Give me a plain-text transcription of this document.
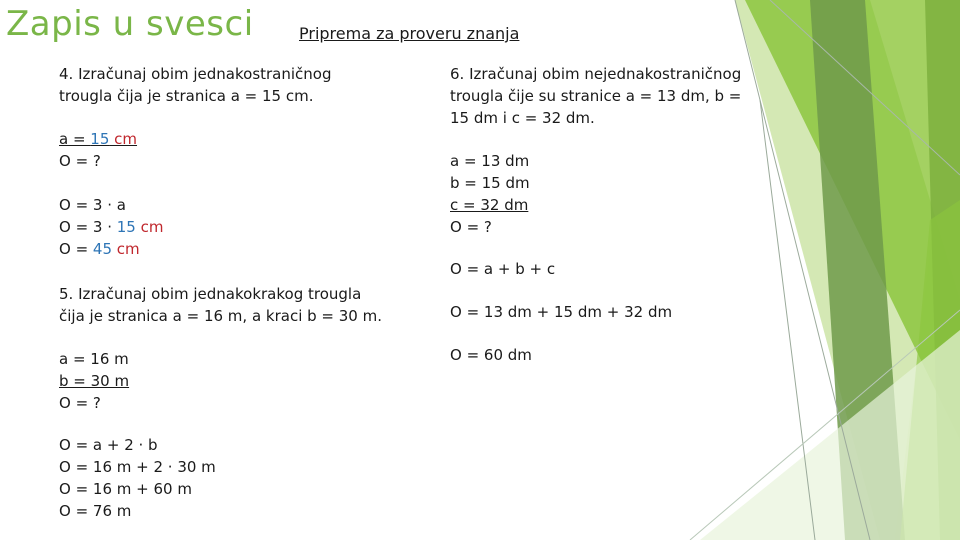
Zapis u svesci	Priprema za proveru znanja
4. Izračunaj obim jednakostraničnog
trougla čija je stranica a = 15 cm.
a = 15 cm
O = ?
O = 3 · a
O = 3 · 15 cm
O = 45 cm
5. Izračunaj obim jednakokrakog trougla
čija je stranica a = 16 m, a kraci b = 30 m.
a = 16 m
b = 30 m
O = ?
O = a + 2 · b
O = 16 m + 2 · 30 m
O = 16 m + 60 m
O = 76 m
6. Izračunaj obim nejednakostraničnog
trougla čije su stranice a = 13 dm, b =
15 dm i c = 32 dm.
a = 13 dm
b = 15 dm
c = 32 dm
O = ?
O = a + b + c
O = 13 dm + 15 dm + 32 dm
O = 60 dm
